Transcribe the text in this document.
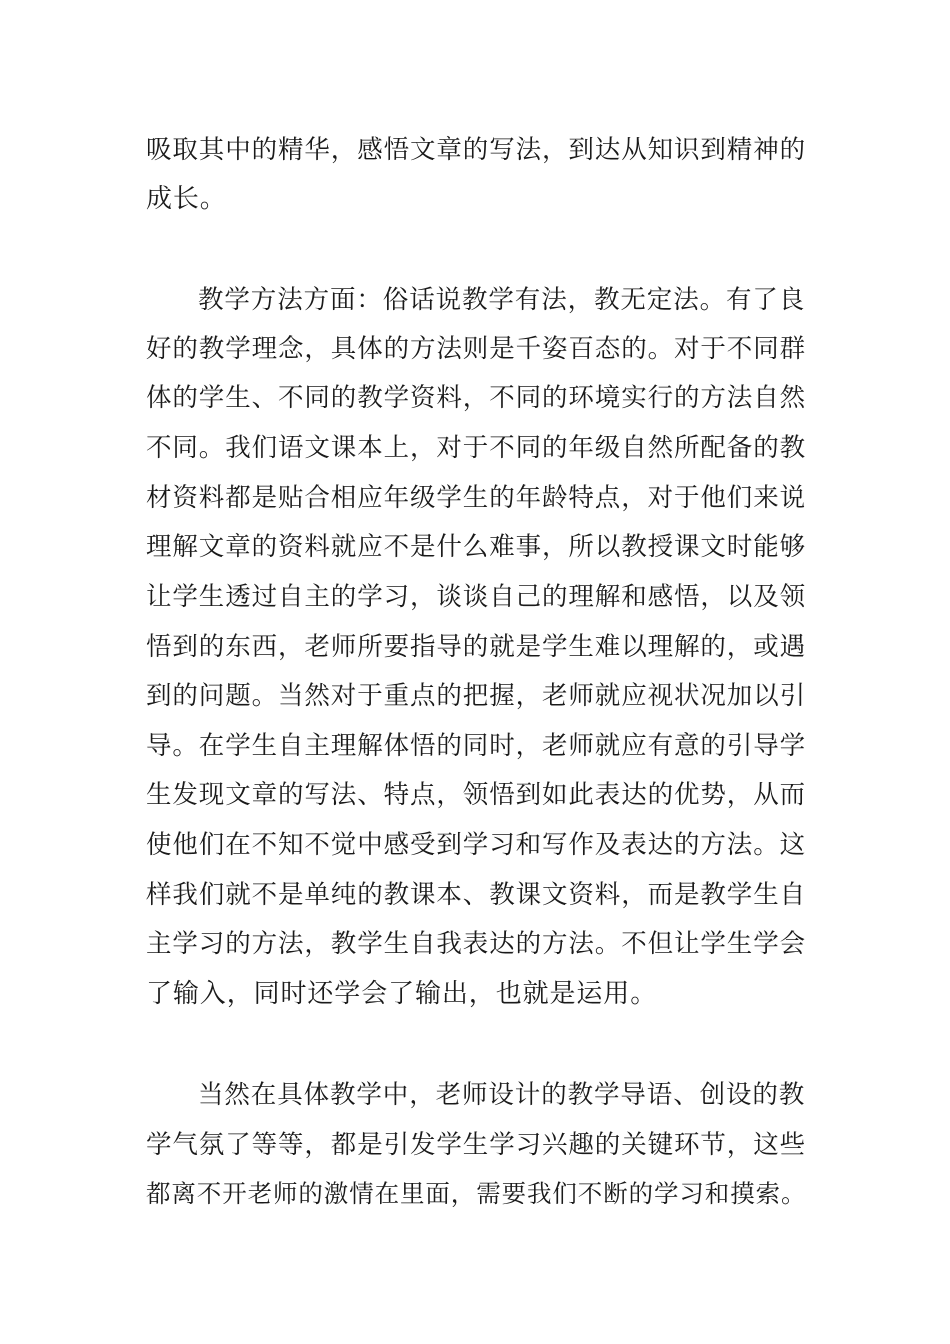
吸取其中的精华，感悟文章的写法，到达从知识到精神的
成长。
教学方法方面：俗话说教学有法，教无定法。有了良
好的教学理念，具体的方法则是千姿百态的。对于不同群
体的学生、不同的教学资料，不同的环境实行的方法自然
不同。我们语文课本上，对于不同的年级自然所配备的教
材资料都是贴合相应年级学生的年龄特点，对于他们来说
理解文章的资料就应不是什么难事，所以教授课文时能够
让学生透过自主的学习，谈谈自己的理解和感悟，以及领
悟到的东西，老师所要指导的就是学生难以理解的，或遇
到的问题。当然对于重点的把握，老师就应视状况加以引
导。在学生自主理解体悟的同时，老师就应有意的引导学
生发现文章的写法、特点，领悟到如此表达的优势，从而
使他们在不知不觉中感受到学习和写作及表达的方法。这
样我们就不是单纯的教课本、教课文资料，而是教学生自
主学习的方法，教学生自我表达的方法。不但让学生学会
了输入，同时还学会了输出，也就是运用。
当然在具体教学中，老师设计的教学导语、创设的教
学气氛了等等，都是引发学生学习兴趣的关键环节，这些
都离不开老师的激情在里面，需要我们不断的学习和摸索。
